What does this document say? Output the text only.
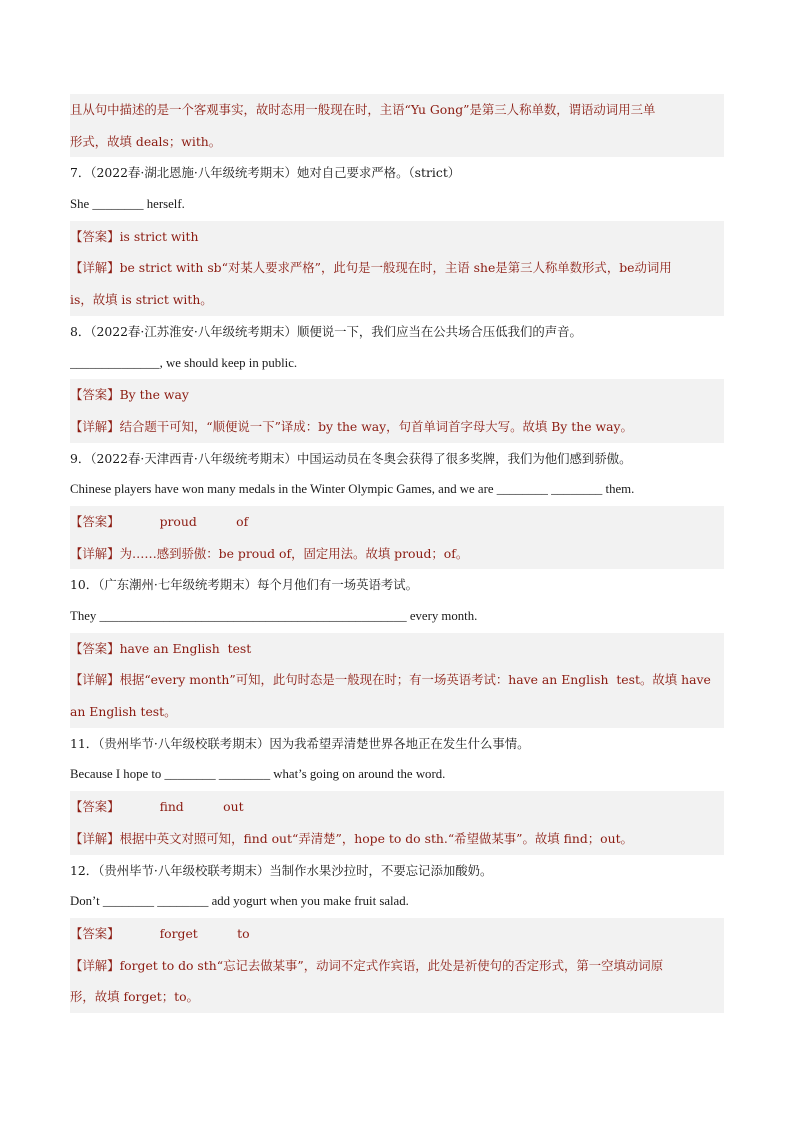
且从句中描述的是一个客观事实，故时态用一般现在时，主语“Yu Gong”是第三人称单数，谓语动词用三单
形式，故填 deals；with。
7．（2022春·湖北恩施·八年级统考期末）她对自己要求严格。（strict）
She ________ herself.
【答案】is strict with
【详解】be strict with sb“对某人要求严格”，此句是一般现在时，主语 she是第三人称单数形式，be动词用
is，故填 is strict with。
8．（2022春·江苏淮安·八年级统考期末）顺便说一下，我们应当在公共场合压低我们的声音。
______________, we should keep in public.
【答案】By the way
【详解】结合题干可知，“顺便说一下”译成：by the way，句首单词首字母大写。故填 By the way。
9．（2022春·天津西青·八年级统考期末）中国运动员在冬奥会获得了很多奖牌，我们为他们感到骄傲。
Chinese players have won many medals in the Winter Olympic Games, and we are ________ ________ them.
【答案】	proud          of
【详解】为……感到骄傲：be proud of，固定用法。故填 proud；of。
10．（广东潮州·七年级统考期末）每个月他们有一场英语考试。
They ________________________________________________ every month.
【答案】have an English  test
【详解】根据“every month”可知，此句时态是一般现在时；有一场英语考试：have an English  test。故填 have
an English test。
11．（贵州毕节·八年级校联考期末）因为我希望弄清楚世界各地正在发生什么事情。
Because I hope to ________ ________ what’s going on around the word.
【答案】	find          out
【详解】根据中英文对照可知，find out“弄清楚”，hope to do sth.“希望做某事”。故填 find；out。
12．（贵州毕节·八年级校联考期末）当制作水果沙拉时，不要忘记添加酸奶。
Don’t ________ ________ add yogurt when you make fruit salad.
【答案】	forget          to
【详解】forget to do sth“忘记去做某事”，动词不定式作宾语，此处是祈使句的否定形式，第一空填动词原
形，故填 forget；to。
